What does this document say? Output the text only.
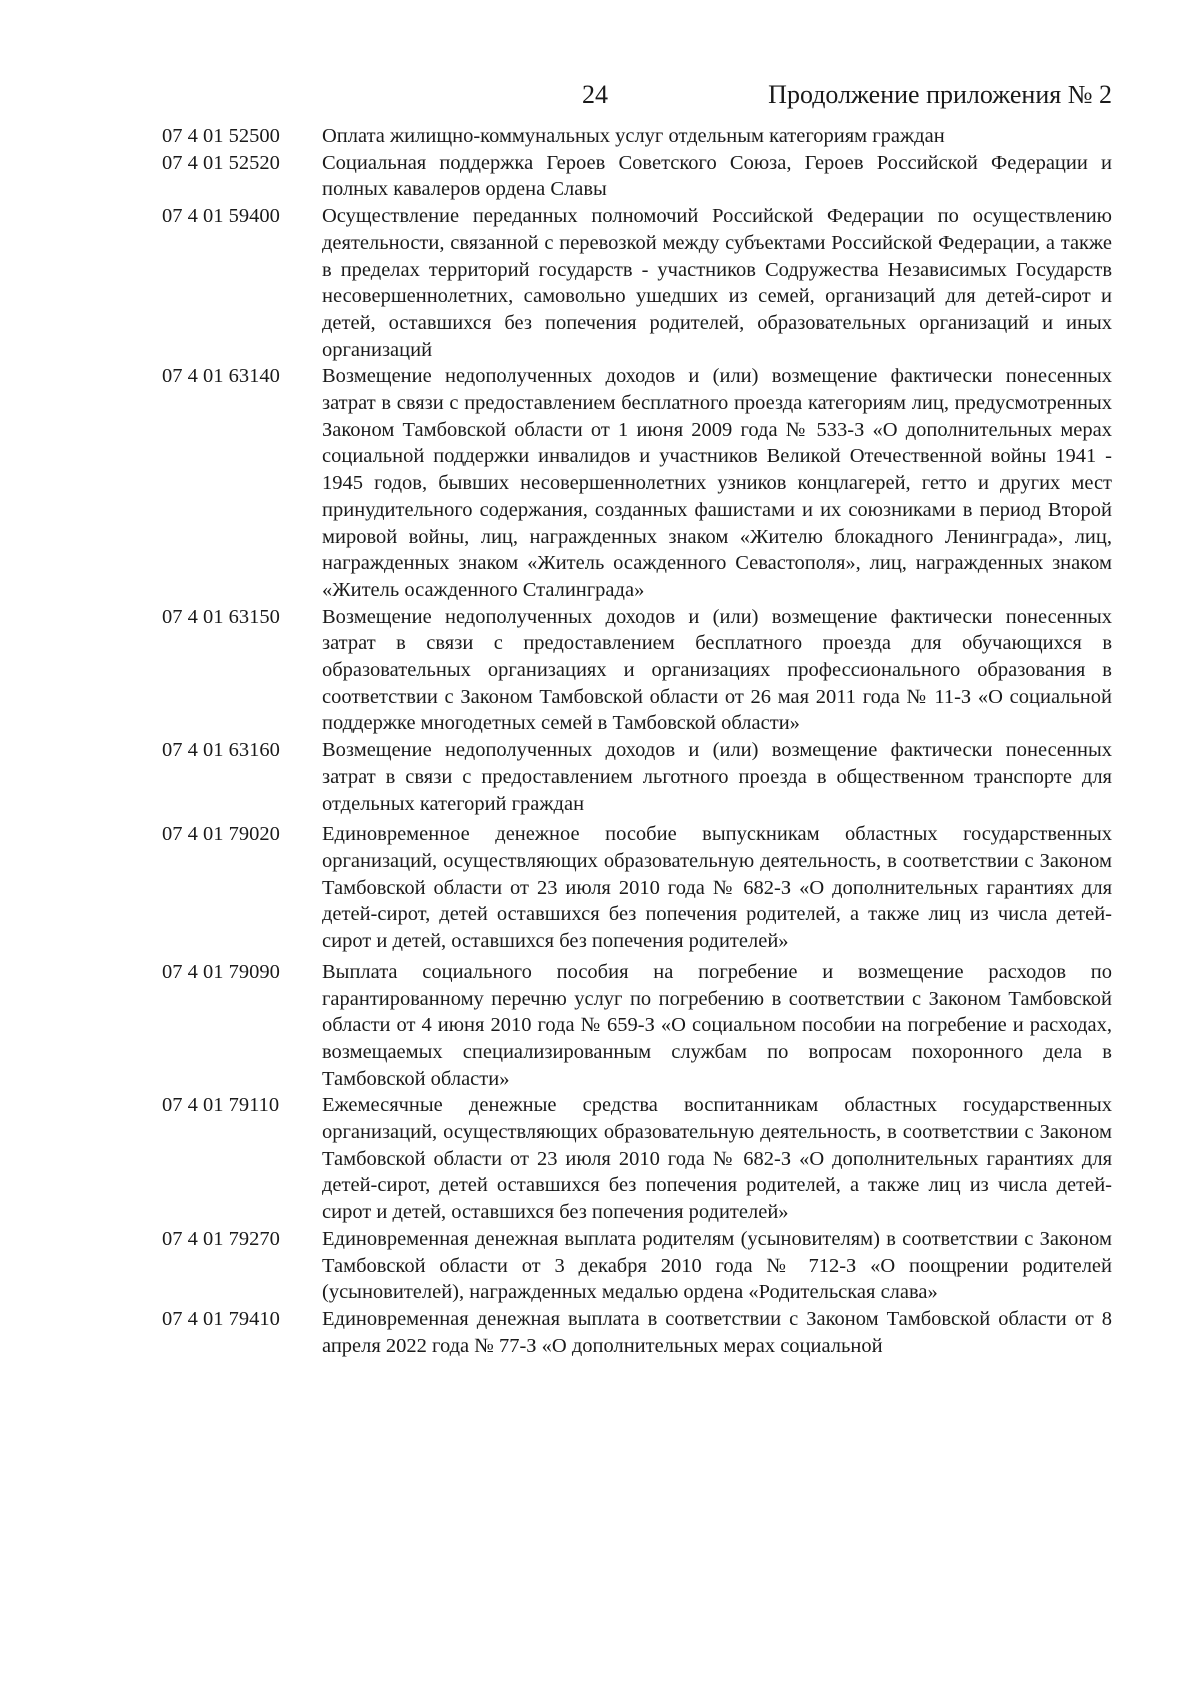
24	Продолжение приложения № 2
07 4 01 52500	Оплата жилищно-коммунальных услуг отдельным категориям граждан
07 4 01 52520	Социальная поддержка Героев Советского Союза, Героев Российской Федерации и полных кавалеров ордена Славы
07 4 01 59400	Осуществление переданных полномочий Российской Федерации по осуществлению деятельности, связанной с перевозкой между субъектами Российской Федерации, а также в пределах территорий государств - участников Содружества Независимых Государств несовершеннолетних, самовольно ушедших из семей, организаций для детей-сирот и детей, оставшихся без попечения родителей, образовательных организаций и иных организаций
07 4 01 63140	Возмещение недополученных доходов и (или) возмещение фактически понесенных затрат в связи с предоставлением бесплатного проезда категориям лиц, предусмотренных Законом Тамбовской области от 1 июня 2009 года № 533-З «О дополнительных мерах социальной поддержки инвалидов и участников Великой Отечественной войны 1941 - 1945 годов, бывших несовершеннолетних узников концлагерей, гетто и других мест принудительного содержания, созданных фашистами и их союзниками в период Второй мировой войны, лиц, награжденных знаком «Жителю блокадного Ленинграда», лиц, награжденных знаком «Житель осажденного Севастополя», лиц, награжденных знаком «Житель осажденного Сталинграда»
07 4 01 63150	Возмещение недополученных доходов и (или) возмещение фактически понесенных затрат в связи с предоставлением бесплатного проезда для обучающихся в образовательных организациях и организациях профессионального образования в соответствии с Законом Тамбовской области от 26 мая 2011 года № 11-З «О социальной поддержке многодетных семей в Тамбовской области»
07 4 01 63160	Возмещение недополученных доходов и (или) возмещение фактически понесенных затрат в связи с предоставлением льготного проезда в общественном транспорте для отдельных категорий граждан
07 4 01 79020	Единовременное денежное пособие выпускникам областных государственных организаций, осуществляющих образовательную деятельность, в соответствии с Законом Тамбовской области от 23 июля 2010 года № 682-З «О дополнительных гарантиях для детей-сирот, детей оставшихся без попечения родителей, а также лиц из числа детей-сирот и детей, оставшихся без попечения родителей»
07 4 01 79090	Выплата социального пособия на погребение и возмещение расходов по гарантированному перечню услуг по погребению в соответствии с Законом Тамбовской области от 4 июня 2010 года № 659-З «О социальном пособии на погребение и расходах, возмещаемых специализированным службам по вопросам похоронного дела в Тамбовской области»
07 4 01 79110	Ежемесячные денежные средства воспитанникам областных государственных организаций, осуществляющих образовательную деятельность, в соответствии с Законом Тамбовской области от 23 июля 2010 года № 682-З «О дополнительных гарантиях для детей-сирот, детей оставшихся без попечения родителей, а также лиц из числа детей-сирот и детей, оставшихся без попечения родителей»
07 4 01 79270	Единовременная денежная выплата родителям (усыновителям) в соответствии с Законом Тамбовской области от 3 декабря 2010 года № 712-З «О поощрении родителей (усыновителей), награжденных медалью ордена «Родительская слава»
07 4 01 79410	Единовременная денежная выплата в соответствии с Законом Тамбовской области от 8 апреля 2022 года № 77-З «О дополнительных мерах социальной
